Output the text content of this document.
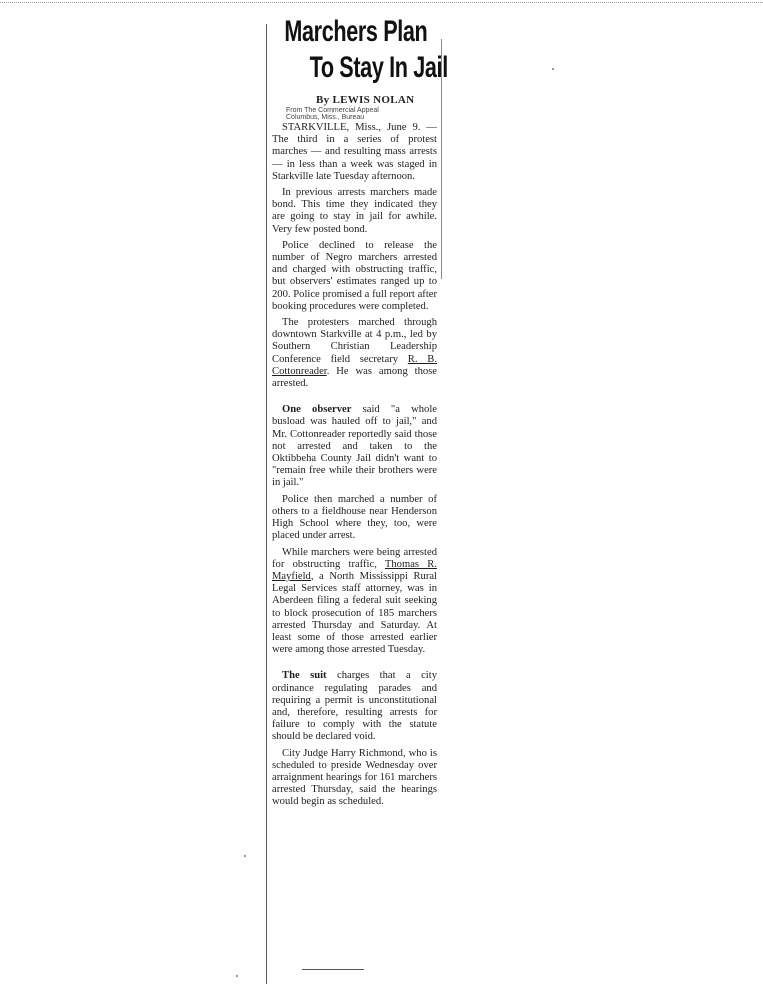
Marchers Plan
To Stay In Jail
By LEWIS NOLAN
From The Commercial Appeal
Columbus, Miss., Bureau

STARKVILLE, Miss., June 9. — The third in a series of protest marches — and resulting mass arrests — in less than a week was staged in Starkville late Tuesday afternoon.

In previous arrests marchers made bond. This time they indicated they are going to stay in jail for awhile. Very few posted bond.

Police declined to release the number of Negro marchers arrested and charged with obstructing traffic, but observers' estimates ranged up to 200. Police promised a full report after booking procedures were completed.

The protesters marched through downtown Starkville at 4 p.m., led by Southern Christian Leadership Conference field secretary R. B. Cottonreader. He was among those arrested.

One observer said "a whole busload was hauled off to jail," and Mr. Cottonreader reportedly said those not arrested and taken to the Oktibbeha County Jail didn't want to "remain free while their brothers were in jail."

Police then marched a number of others to a fieldhouse near Henderson High School where they, too, were placed under arrest.

While marchers were being arrested for obstructing traffic, Thomas R. Mayfield, a North Mississippi Rural Legal Services staff attorney, was in Aberdeen filing a federal suit seeking to block prosecution of 185 marchers arrested Thursday and Saturday. At least some of those arrested earlier were among those arrested Tuesday.

The suit charges that a city ordinance regulating parades and requiring a permit is unconstitutional and, therefore, resulting arrests for failure to comply with the statute should be declared void.

City Judge Harry Richmond, who is scheduled to preside Wednesday over arraignment hearings for 161 marchers arrested Thursday, said the hearings would begin as scheduled.
